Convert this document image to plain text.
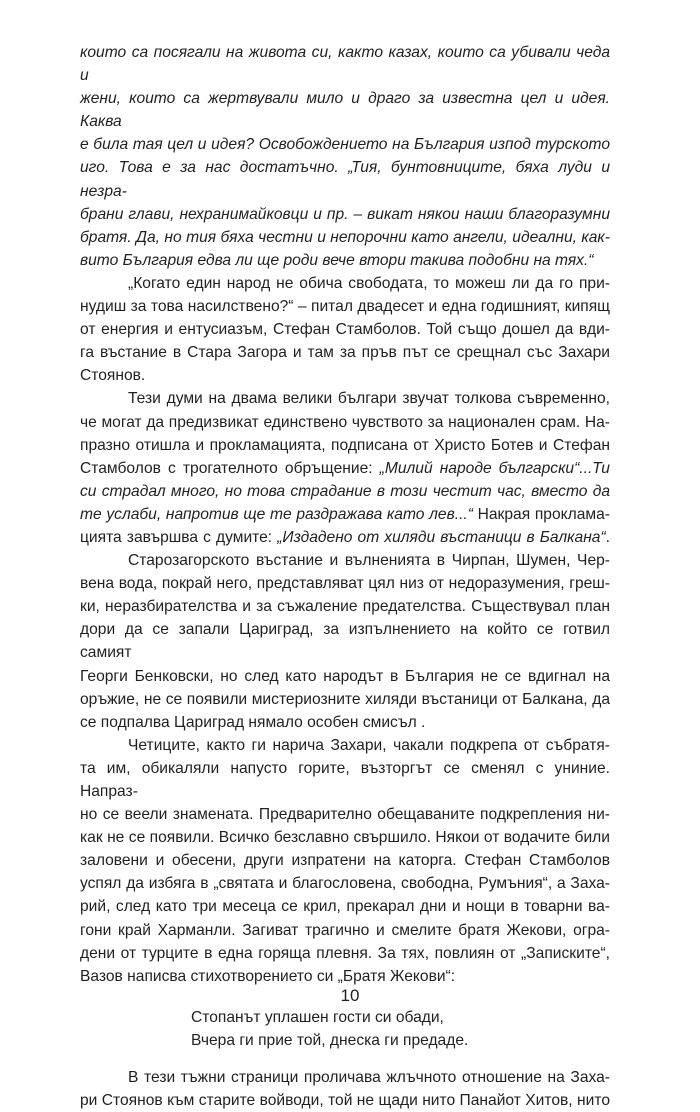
които са посягали на живота си, както казах, които са убивали чеда и
жени, които са жертвували мило и драго за известна цел и идея. Каква
е била тая цел и идея? Освобождението на България изпод турското
иго. Това е за нас достатъчно. „Тия, бунтовниците, бяха луди и незра-
брани глави, нехранимайковци и пр. – викат някои наши благоразумни
братя. Да, но тия бяха честни и непорочни като ангели, идеални, как-
вито България едва ли ще роди вече втори такива подобни на тях.“

„Когато един народ не обича свободата, то можеш ли да го при-
нудиш за това насилствено?“ – питал двадесет и една годишният, кипящ
от енергия и ентусиазъм, Стефан Стамболов. Той също дошел да вди-
га въстание в Стара Загора и там за пръв път се срещнал със Захари
Стоянов.

Тези думи на двама велики българи звучат толкова съвременно,
че могат да предизвикат единствено чувството за национален срам. На-
празно отишла и прокламацията, подписана от Христо Ботев и Стефан
Стамболов с трогателното обръщение: „Милий народе български“...Ти
си страдал много, но това страдание в този честит час, вместо да
те услаби, напротив ще те раздражава като лев...“ Накрая проклама-
цията завършва с думите: „Издадено от хиляди въстаници в Балкана“.

Старозагорското въстание и вълненията в Чирпан, Шумен, Чер-
вена вода, покрай него, представляват цял низ от недоразумения, греш-
ки, неразбирателства и за съжаление предателства. Съществувал план
дори да се запали Цариград, за изпълнението на който се готвил самият
Георги Бенковски, но след като народът в България не се вдигнал на
оръжие, не се появили мистериозните хиляди въстаници от Балкана, да
се подпалва Цариград нямало особен смисъл .

Четиците, както ги нарича Захари, чакали подкрепа от събратя-
та им, обикаляли напусто горите, възторгът се сменял с униние. Напраз-
но се веели знамената. Предварително обещаваните подкрепления ни-
как не се появили. Всичко безславно свършило. Някои от водачите били
заловени и обесени, други изпратени на каторга. Стефан Стамболов
успял да избяга в „святата и благословена, свободна, Румъния“, а Заха-
рий, след като три месеца се крил, прекарал дни и нощи в товарни ва-
гони край Харманли. Загиват трагично и смелите братя Жекови, огра-
дени от турците в една горяща плевня. За тях, повлиян от „Записките“,
Вазов написва стихотворението си „Братя Жекови“:

Стопанът уплашен гости си обади,
Вчера ги прие той, днеска ги предаде.

В тези тъжни страници проличава жлъчното отношение на Заха-
ри Стоянов към старите войводи, той не щади нито Панайот Хитов, нито

10
